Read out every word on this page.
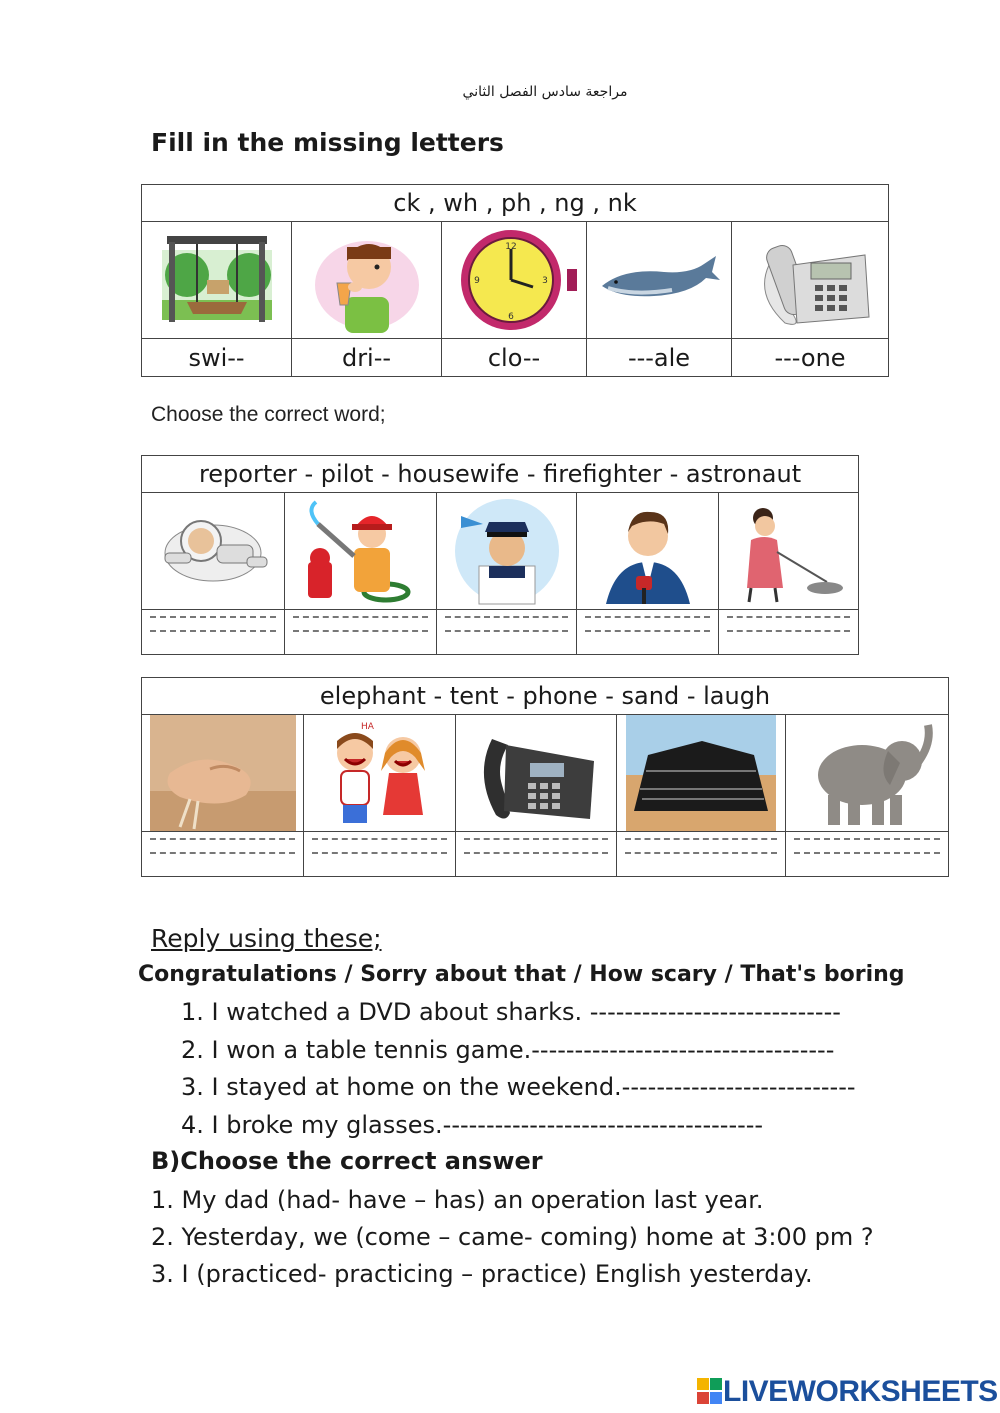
مراجعة سادس الفصل الثاني
Fill in the missing letters
ck , wh , ph , ng , nk				

12
6
3
9

swi--	dri--	clo--	---ale	---one
Choose the correct word;
reporter - pilot - housewife - firefighter - astronaut				

elephant - tent - phone - sand - laugh				

HA

Reply using these;
Congratulations / Sorry about that / How scary / That's boring
1. I watched a DVD about sharks. -----------------------------
2. I won a table tennis game.-----------------------------------
3. I stayed at home on the weekend.---------------------------
4. I broke my glasses.-------------------------------------
B)Choose the correct answer
1. My dad (had- have – has) an operation last year.
2. Yesterday, we (come – came- coming) home at 3:00 pm ?
3. I (practiced- practicing – practice) English yesterday.
LIVEWORKSHEETS
